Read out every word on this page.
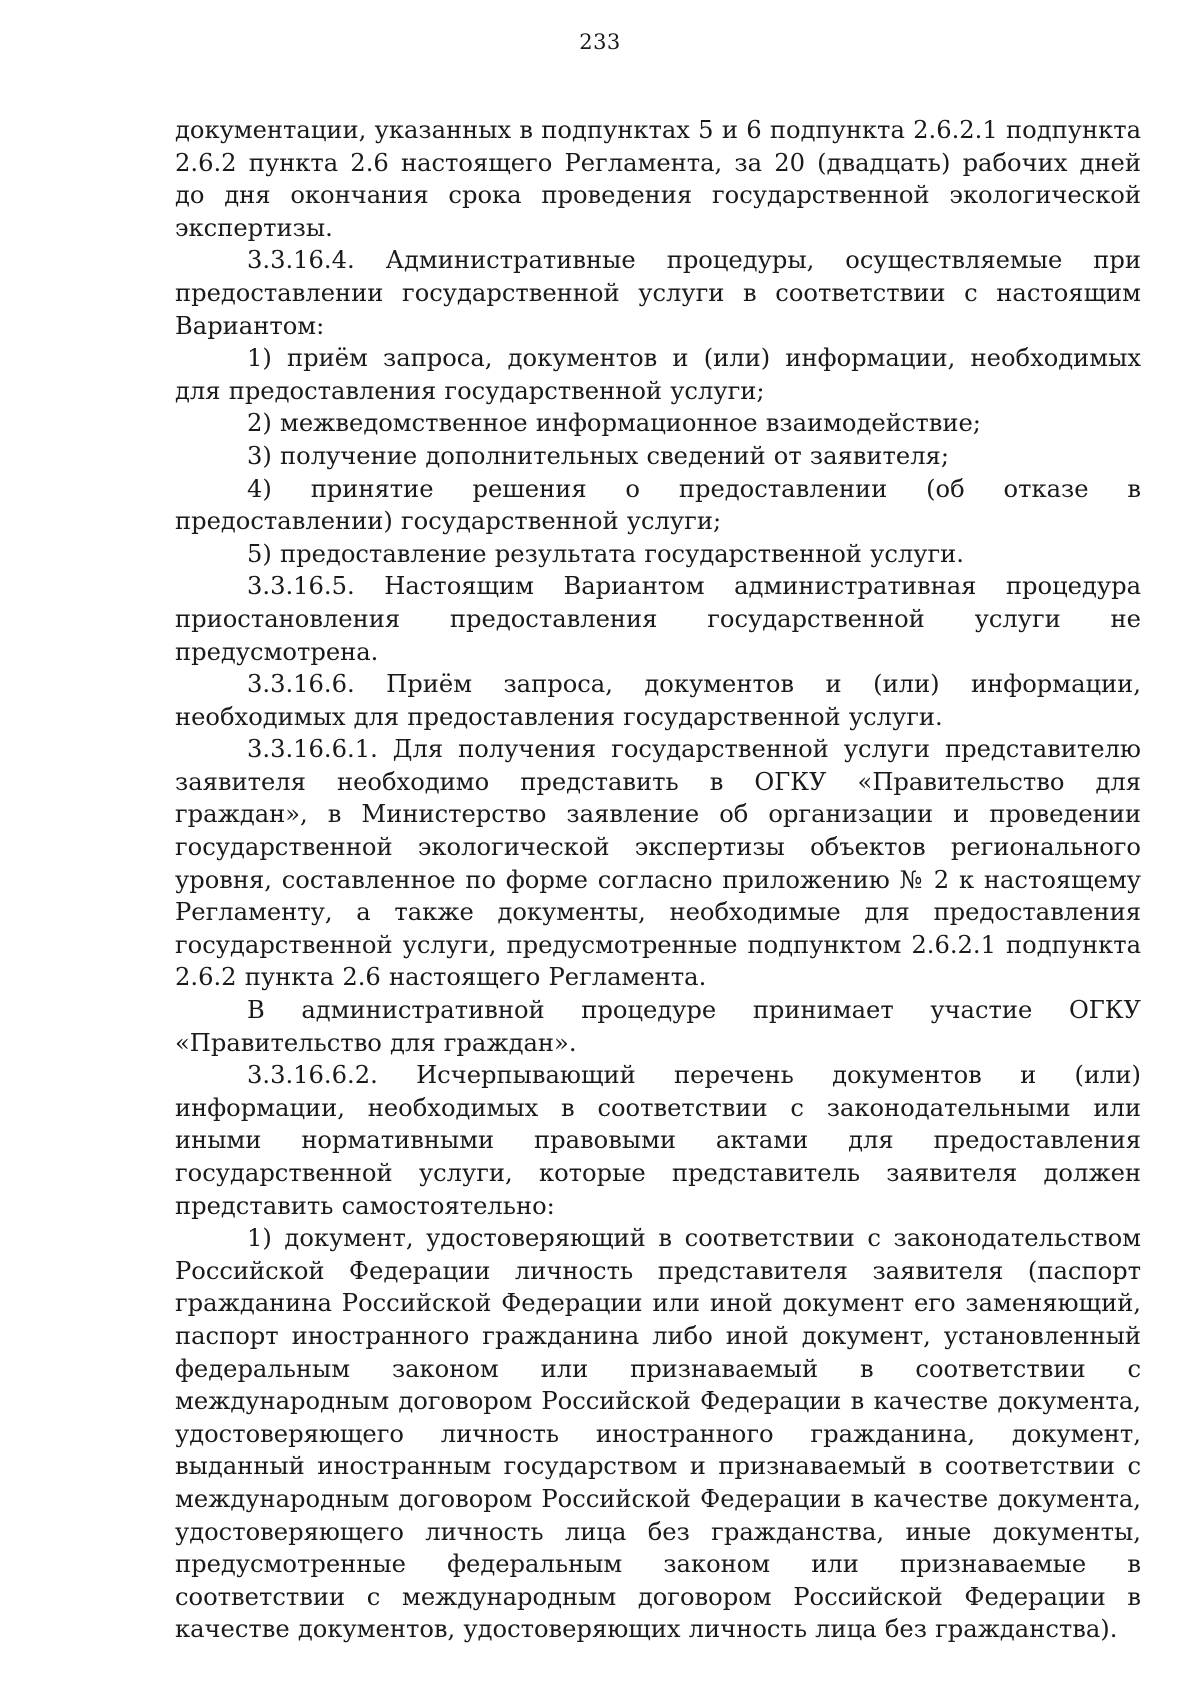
233

документации, указанных в подпунктах 5 и 6 подпункта 2.6.2.1 подпункта 2.6.2 пункта 2.6 настоящего Регламента, за 20 (двадцать) рабочих дней до дня окончания срока проведения государственной экологической экспертизы.

3.3.16.4. Административные процедуры, осуществляемые при предоставлении государственной услуги в соответствии с настоящим Вариантом:

1) приём запроса, документов и (или) информации, необходимых для предоставления государственной услуги;

2) межведомственное информационное взаимодействие;

3) получение дополнительных сведений от заявителя;

4) принятие решения о предоставлении (об отказе в предоставлении) государственной услуги;

5) предоставление результата государственной услуги.

3.3.16.5. Настоящим Вариантом административная процедура приостановления предоставления государственной услуги не предусмотрена.

3.3.16.6. Приём запроса, документов и (или) информации, необходимых для предоставления государственной услуги.

3.3.16.6.1. Для получения государственной услуги представителю заявителя необходимо представить в ОГКУ «Правительство для граждан», в Министерство заявление об организации и проведении государственной экологической экспертизы объектов регионального уровня, составленное по форме согласно приложению № 2 к настоящему Регламенту, а также документы, необходимые для предоставления государственной услуги, предусмотренные подпунктом 2.6.2.1 подпункта 2.6.2 пункта 2.6 настоящего Регламента.

В административной процедуре принимает участие ОГКУ «Правительство для граждан».

3.3.16.6.2. Исчерпывающий перечень документов и (или) информации, необходимых в соответствии с законодательными или иными нормативными правовыми актами для предоставления государственной услуги, которые представитель заявителя должен представить самостоятельно:

1) документ, удостоверяющий в соответствии с законодательством Российской Федерации личность представителя заявителя (паспорт гражданина Российской Федерации или иной документ его заменяющий, паспорт иностранного гражданина либо иной документ, установленный федеральным законом или признаваемый в соответствии с международным договором Российской Федерации в качестве документа, удостоверяющего личность иностранного гражданина, документ, выданный иностранным государством и признаваемый в соответствии с международным договором Российской Федерации в качестве документа, удостоверяющего личность лица без гражданства, иные документы, предусмотренные федеральным законом или признаваемые в соответствии с международным договором Российской Федерации в качестве документов, удостоверяющих личность лица без гражданства).
